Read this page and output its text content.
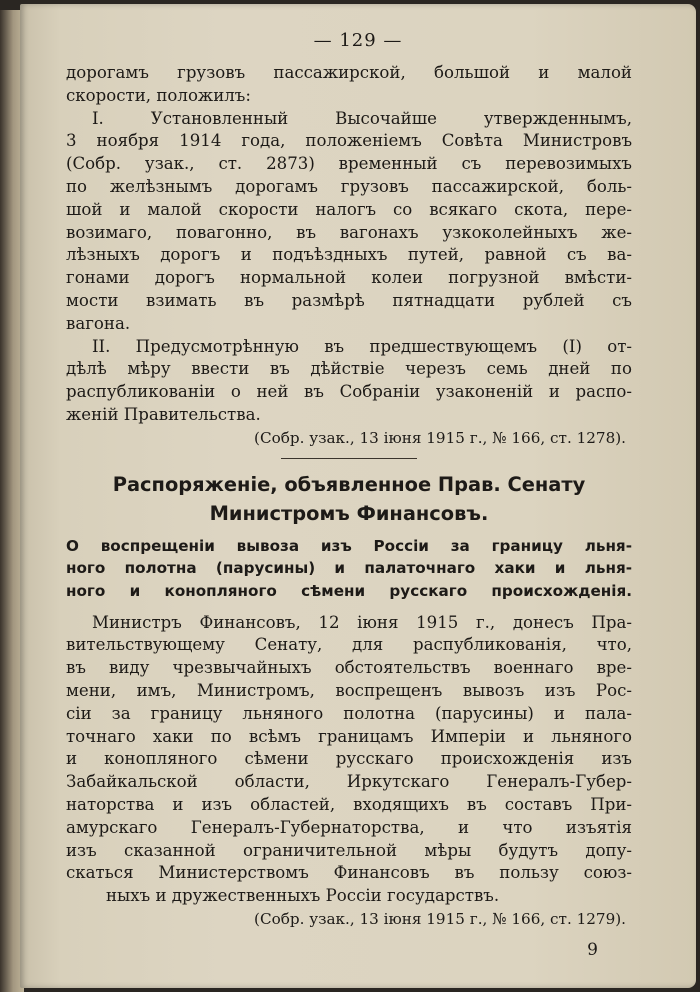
— 129 —
дорогамъ грузовъ пассажирской, большой и малой
скорости, положилъ:
I. Установленный Высочайше утвержденнымъ,
3 ноября 1914 года, положеніемъ Совѣта Министровъ
(Собр. узак., ст. 2873) временный съ перевозимыхъ
по желѣзнымъ дорогамъ грузовъ пассажирской, боль-
шой и малой скорости налогъ со всякаго скота, пере-
возимаго, повагонно, въ вагонахъ узкоколейныхъ же-
лѣзныхъ дорогъ и подъѣздныхъ путей, равной съ ва-
гонами дорогъ нормальной колеи погрузной вмѣсти-
мости взимать въ размѣрѣ пятнадцати рублей съ
вагона.
II. Предусмотрѣнную въ предшествующемъ (I) от-
дѣлѣ мѣру ввести въ дѣйствіе черезъ семь дней по
распубликованіи о ней въ Собраніи узаконеній и распо-
женій Правительства.
(Собр. узак., 13 іюня 1915 г., № 166, ст. 1278).
Распоряженіе, объявленное Прав. Сенату
Министромъ Финансовъ.
О воспрещеніи вывоза изъ Россіи за границу льня-
ного полотна (парусины) и палаточнаго хаки и льня-
ного и конопляного сѣмени русскаго происхожденія.
Министръ Финансовъ, 12 іюня 1915 г., донесъ Пра-
вительствующему Сенату, для распубликованія, что,
въ виду чрезвычайныхъ обстоятельствъ военнаго вре-
мени, имъ, Министромъ, воспрещенъ вывозъ изъ Рос-
сіи за границу льняного полотна (парусины) и пала-
точнаго хаки по всѣмъ границамъ Имперіи и льняного
и конопляного сѣмени русскаго происхожденія изъ
Забайкальской области, Иркутскаго Генералъ-Губер-
наторства и изъ областей, входящихъ въ составъ При-
амурскаго Генералъ-Губернаторства, и что изъятія
изъ сказанной ограничительной мѣры будутъ допу-
скаться Министерствомъ Финансовъ въ пользу союз-
ныхъ и дружественныхъ Россіи государствъ.
(Собр. узак., 13 іюня 1915 г., № 166, ст. 1279).
9
